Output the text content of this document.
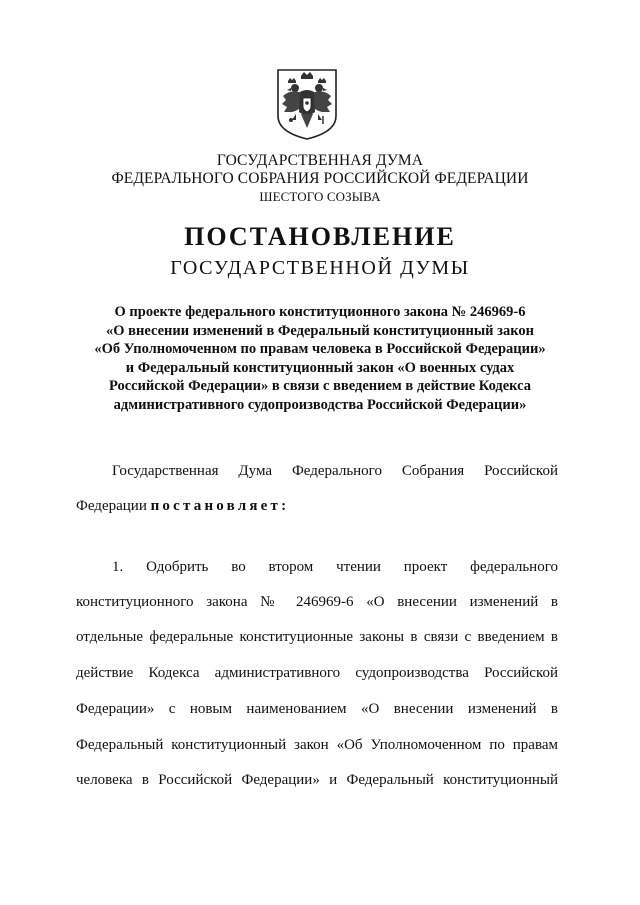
ГОСУДАРСТВЕННАЯ ДУМА
ФЕДЕРАЛЬНОГО СОБРАНИЯ РОССИЙСКОЙ ФЕДЕРАЦИИ
ШЕСТОГО СОЗЫВА
ПОСТАНОВЛЕНИЕ
ГОСУДАРСТВЕННОЙ ДУМЫ
О проекте федерального конституционного закона № 246969-6
«О внесении изменений в Федеральный конституционный закон
«Об Уполномоченном по правам человека в Российской Федерации»
и Федеральный конституционный закон «О военных судах
Российской Федерации» в связи с введением в действие Кодекса
административного судопроизводства Российской Федерации»
Государственная Дума Федерального Собрания Российской
Федерации постановляет:
1. Одобрить во втором чтении проект федерального
конституционного закона № 246969-6 «О внесении изменений в
отдельные федеральные конституционные законы в связи с введением в
действие Кодекса административного судопроизводства Российской
Федерации» с новым наименованием «О внесении изменений в
Федеральный конституционный закон «Об Уполномоченном по правам
человека в Российской Федерации» и Федеральный конституционный
